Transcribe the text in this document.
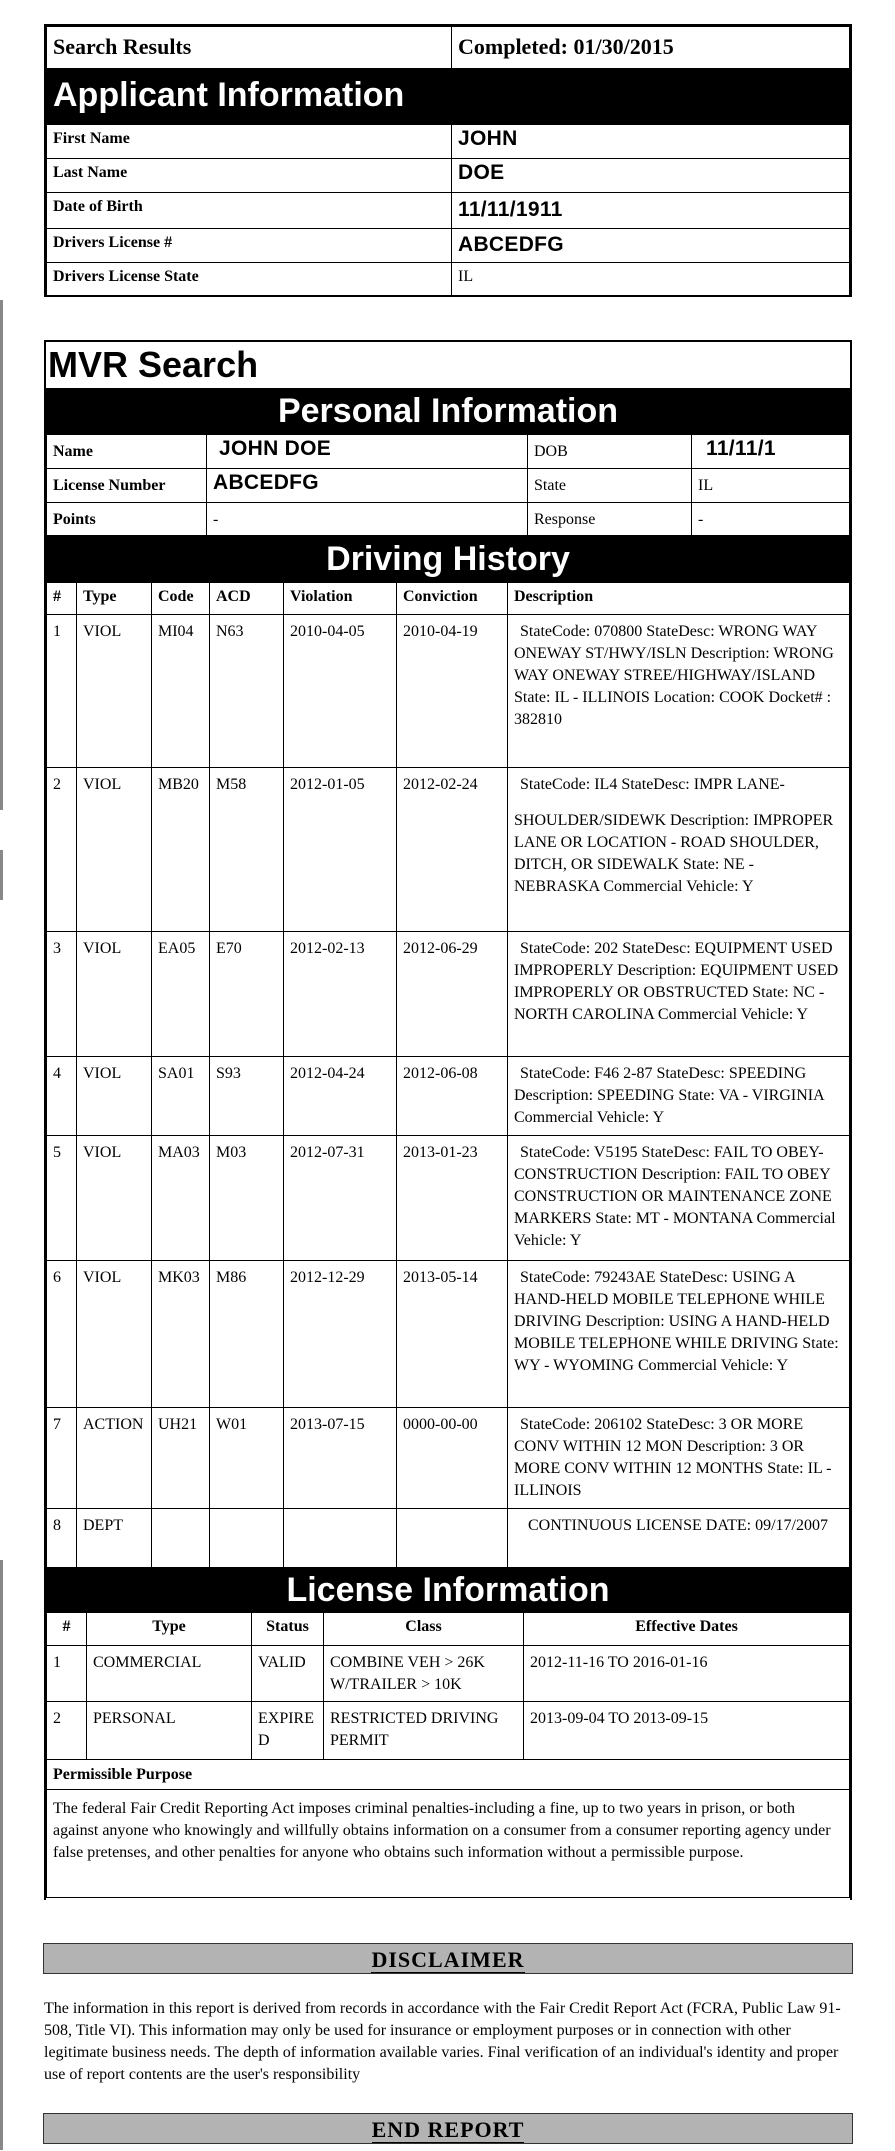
Search Results	Completed: 01/30/2015
Applicant Information	
First Name	JOHN
Last Name	DOE
Date of Birth	11/11/1911
Drivers License #	ABCEDFG
Drivers License State	IL
MVR Search
Personal Information
Name	JOHN DOE	DOB	11/11/1
License Number	ABCEDFG	State	IL
Points	-	Response	-
Driving History
#	Type	Code	ACD	Violation	Conviction	Description
1	VIOL	MI04	N63	2010-04-05	2010-04-19	StateCode: 070800 StateDesc: WRONG WAY ONEWAY ST/HWY/ISLN Description: WRONG WAY ONEWAY STREE/HIGHWAY/ISLAND State: IL - ILLINOIS Location: COOK Docket# : 382810
2	VIOL	MB20	M58	2012-01-05	2012-02-24	StateCode: IL4 StateDesc: IMPR LANE-
						SHOULDER/SIDEWK Description: IMPROPER LANE OR LOCATION - ROAD SHOULDER, DITCH, OR SIDEWALK State: NE - NEBRASKA Commercial Vehicle: Y
3	VIOL	EA05	E70	2012-02-13	2012-06-29	StateCode: 202 StateDesc: EQUIPMENT USED IMPROPERLY Description: EQUIPMENT USED IMPROPERLY OR OBSTRUCTED State: NC - NORTH CAROLINA Commercial Vehicle: Y
4	VIOL	SA01	S93	2012-04-24	2012-06-08	StateCode: F46 2-87 StateDesc: SPEEDING Description: SPEEDING State: VA - VIRGINIA Commercial Vehicle: Y
5	VIOL	MA03	M03	2012-07-31	2013-01-23	StateCode: V5195 StateDesc: FAIL TO OBEY-CONSTRUCTION Description: FAIL TO OBEY CONSTRUCTION OR MAINTENANCE ZONE MARKERS State: MT - MONTANA Commercial Vehicle: Y
6	VIOL	MK03	M86	2012-12-29	2013-05-14	StateCode: 79243AE StateDesc: USING A HAND-HELD MOBILE TELEPHONE WHILE DRIVING Description: USING A HAND-HELD MOBILE TELEPHONE WHILE DRIVING State: WY - WYOMING Commercial Vehicle: Y
7	ACTION	UH21	W01	2013-07-15	0000-00-00	StateCode: 206102 StateDesc: 3 OR MORE CONV WITHIN 12 MON Description: 3 OR MORE CONV WITHIN 12 MONTHS State: IL - ILLINOIS
8	DEPT					CONTINUOUS LICENSE DATE: 09/17/2007
License Information
#	Type	Status	Class	Effective Dates
1	COMMERCIAL	VALID	COMBINE VEH > 26K W/TRAILER > 10K	2012-11-16 TO 2016-01-16
2	PERSONAL	EXPIRED	RESTRICTED DRIVING PERMIT	2013-09-04 TO 2013-09-15
Permissible Purpose				
The federal Fair Credit Reporting Act imposes criminal penalties-including a fine, up to two years in prison, or both against anyone who knowingly and willfully obtains information on a consumer from a consumer reporting agency under false pretenses, and other penalties for anyone who obtains such information without a permissible purpose.				
DISCLAIMER
The information in this report is derived from records in accordance with the Fair Credit Report Act (FCRA, Public Law 91- 508, Title VI). This information may only be used for insurance or employment purposes or in connection with other legitimate business needs. The depth of information available varies. Final verification of an individual's identity and proper use of report contents are the user's responsibility
END REPORT
